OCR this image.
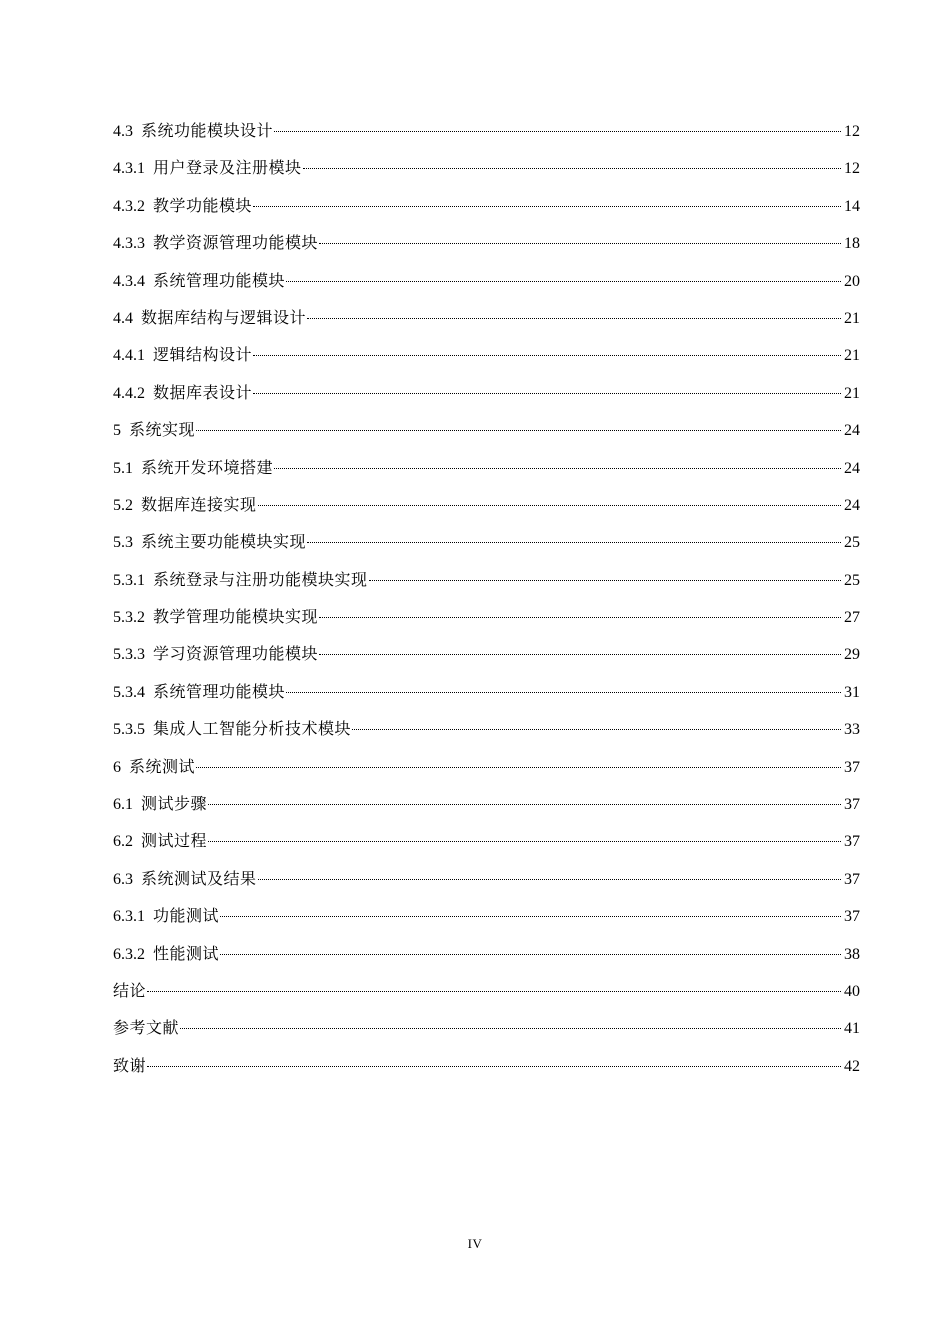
4.3 系统功能模块设计	12
4.3.1 用户登录及注册模块	12
4.3.2 教学功能模块	14
4.3.3 教学资源管理功能模块	18
4.3.4 系统管理功能模块	20
4.4 数据库结构与逻辑设计	21
4.4.1 逻辑结构设计	21
4.4.2 数据库表设计	21
5 系统实现	24
5.1 系统开发环境搭建	24
5.2 数据库连接实现	24
5.3 系统主要功能模块实现	25
5.3.1 系统登录与注册功能模块实现	25
5.3.2 教学管理功能模块实现	27
5.3.3 学习资源管理功能模块	29
5.3.4 系统管理功能模块	31
5.3.5 集成人工智能分析技术模块	33
6 系统测试	37
6.1 测试步骤	37
6.2 测试过程	37
6.3 系统测试及结果	37
6.3.1 功能测试	37
6.3.2 性能测试	38
结论	40
参考文献	41
致谢	42
IV
